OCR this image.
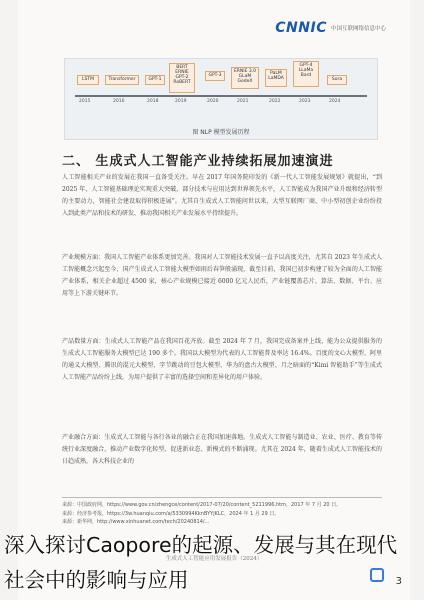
CNNIC 中国互联网络信息中心
LSTM	Transformer	GPT-1
BERT
ERNIE
GPT-2
RoBERT
GPT-3
ERNIE 3.0
GLaM
GodeX
PaLM
LaMDA
GPT-4
LLaMa
Bard
Sora
2015	2016	2018	2019	2020	2021	2022	2023	2024
图 NLP 模型发展历程
二、 生成式人工智能产业持续拓展加速演进

人工智能相关产业的发展在我国一直备受关注。早在 2017 年国务院印发的《新一代人工智能发展规划》就提出，“到 2025 年，人工智能基础理论实现重大突破，部分技术与应用达到世界领先水平，人工智能成为我国产业升级和经济转型的主要动力，智能社会建设取得积极进展”。尤其自生成式人工智能问世以来，大型互联网厂商、中小型初创企业纷纷投入到此类产品和技术的研发，推动我国相关产业发展水平持续提升。

产业规模方面：我国人工智能产业体系更加完善。我国对人工智能技术发展一直予以高度关注，尤其自 2023 年生成式人工智能概念兴起至今，国产生成式人工智能大模型如雨后春笋般涌现，截至目前，我国已初步构建了较为全面的人工智能产业体系，相关企业超过 4500 家，核心产业规模已接近 6000 亿元人民币，产业链覆盖芯片、算法、数据、平台、应用等上下游关键环节。

产品数量方面：生成式人工智能产品在我国百花齐放。截至 2024 年 7 月，我国完成备案并上线、能为公众提供服务的生成式人工智能服务大模型已达 190 多个。我国以大模型为代表的人工智能普及率达 16.4%。百度的文心大模型、阿里的通义大模型、腾讯的混元大模型、字节跳动的豆包大模型、华为的盘古大模型、月之暗面的“Kimi 智能助手”等生成式人工智能产品纷纷上线，为用户提供了丰富的选择空间和差异化的用户体验。

产业融合方面：生成式人工智能与各行各业的融合正在我国加速落地。生成式人工智能与制造业、农业、医疗、教育等传统行业深度融合，推动产业数字化转型，促进新业态、新模式的不断涌现。尤其在 2024 年，随着生成式人工智能技术的日趋成熟，各大科技企业的

来源：中国政府网，https://www.gov.cn/zhengce/content/2017-07/20/content_5211996.htm，2017 年 7 月 20 日。
来源：经济参考报，https://3w.huanqiu.com/a/5330994KknBYYjKLC，2024 年 1 月 29 日。
来源：新华网，http://www.xinhuanet.com/tech/20240814/...
生成式人工智能应用发展报告（2024）
深入探讨Caopore的起源、发展与其在现代社会中的影响与应用	3
